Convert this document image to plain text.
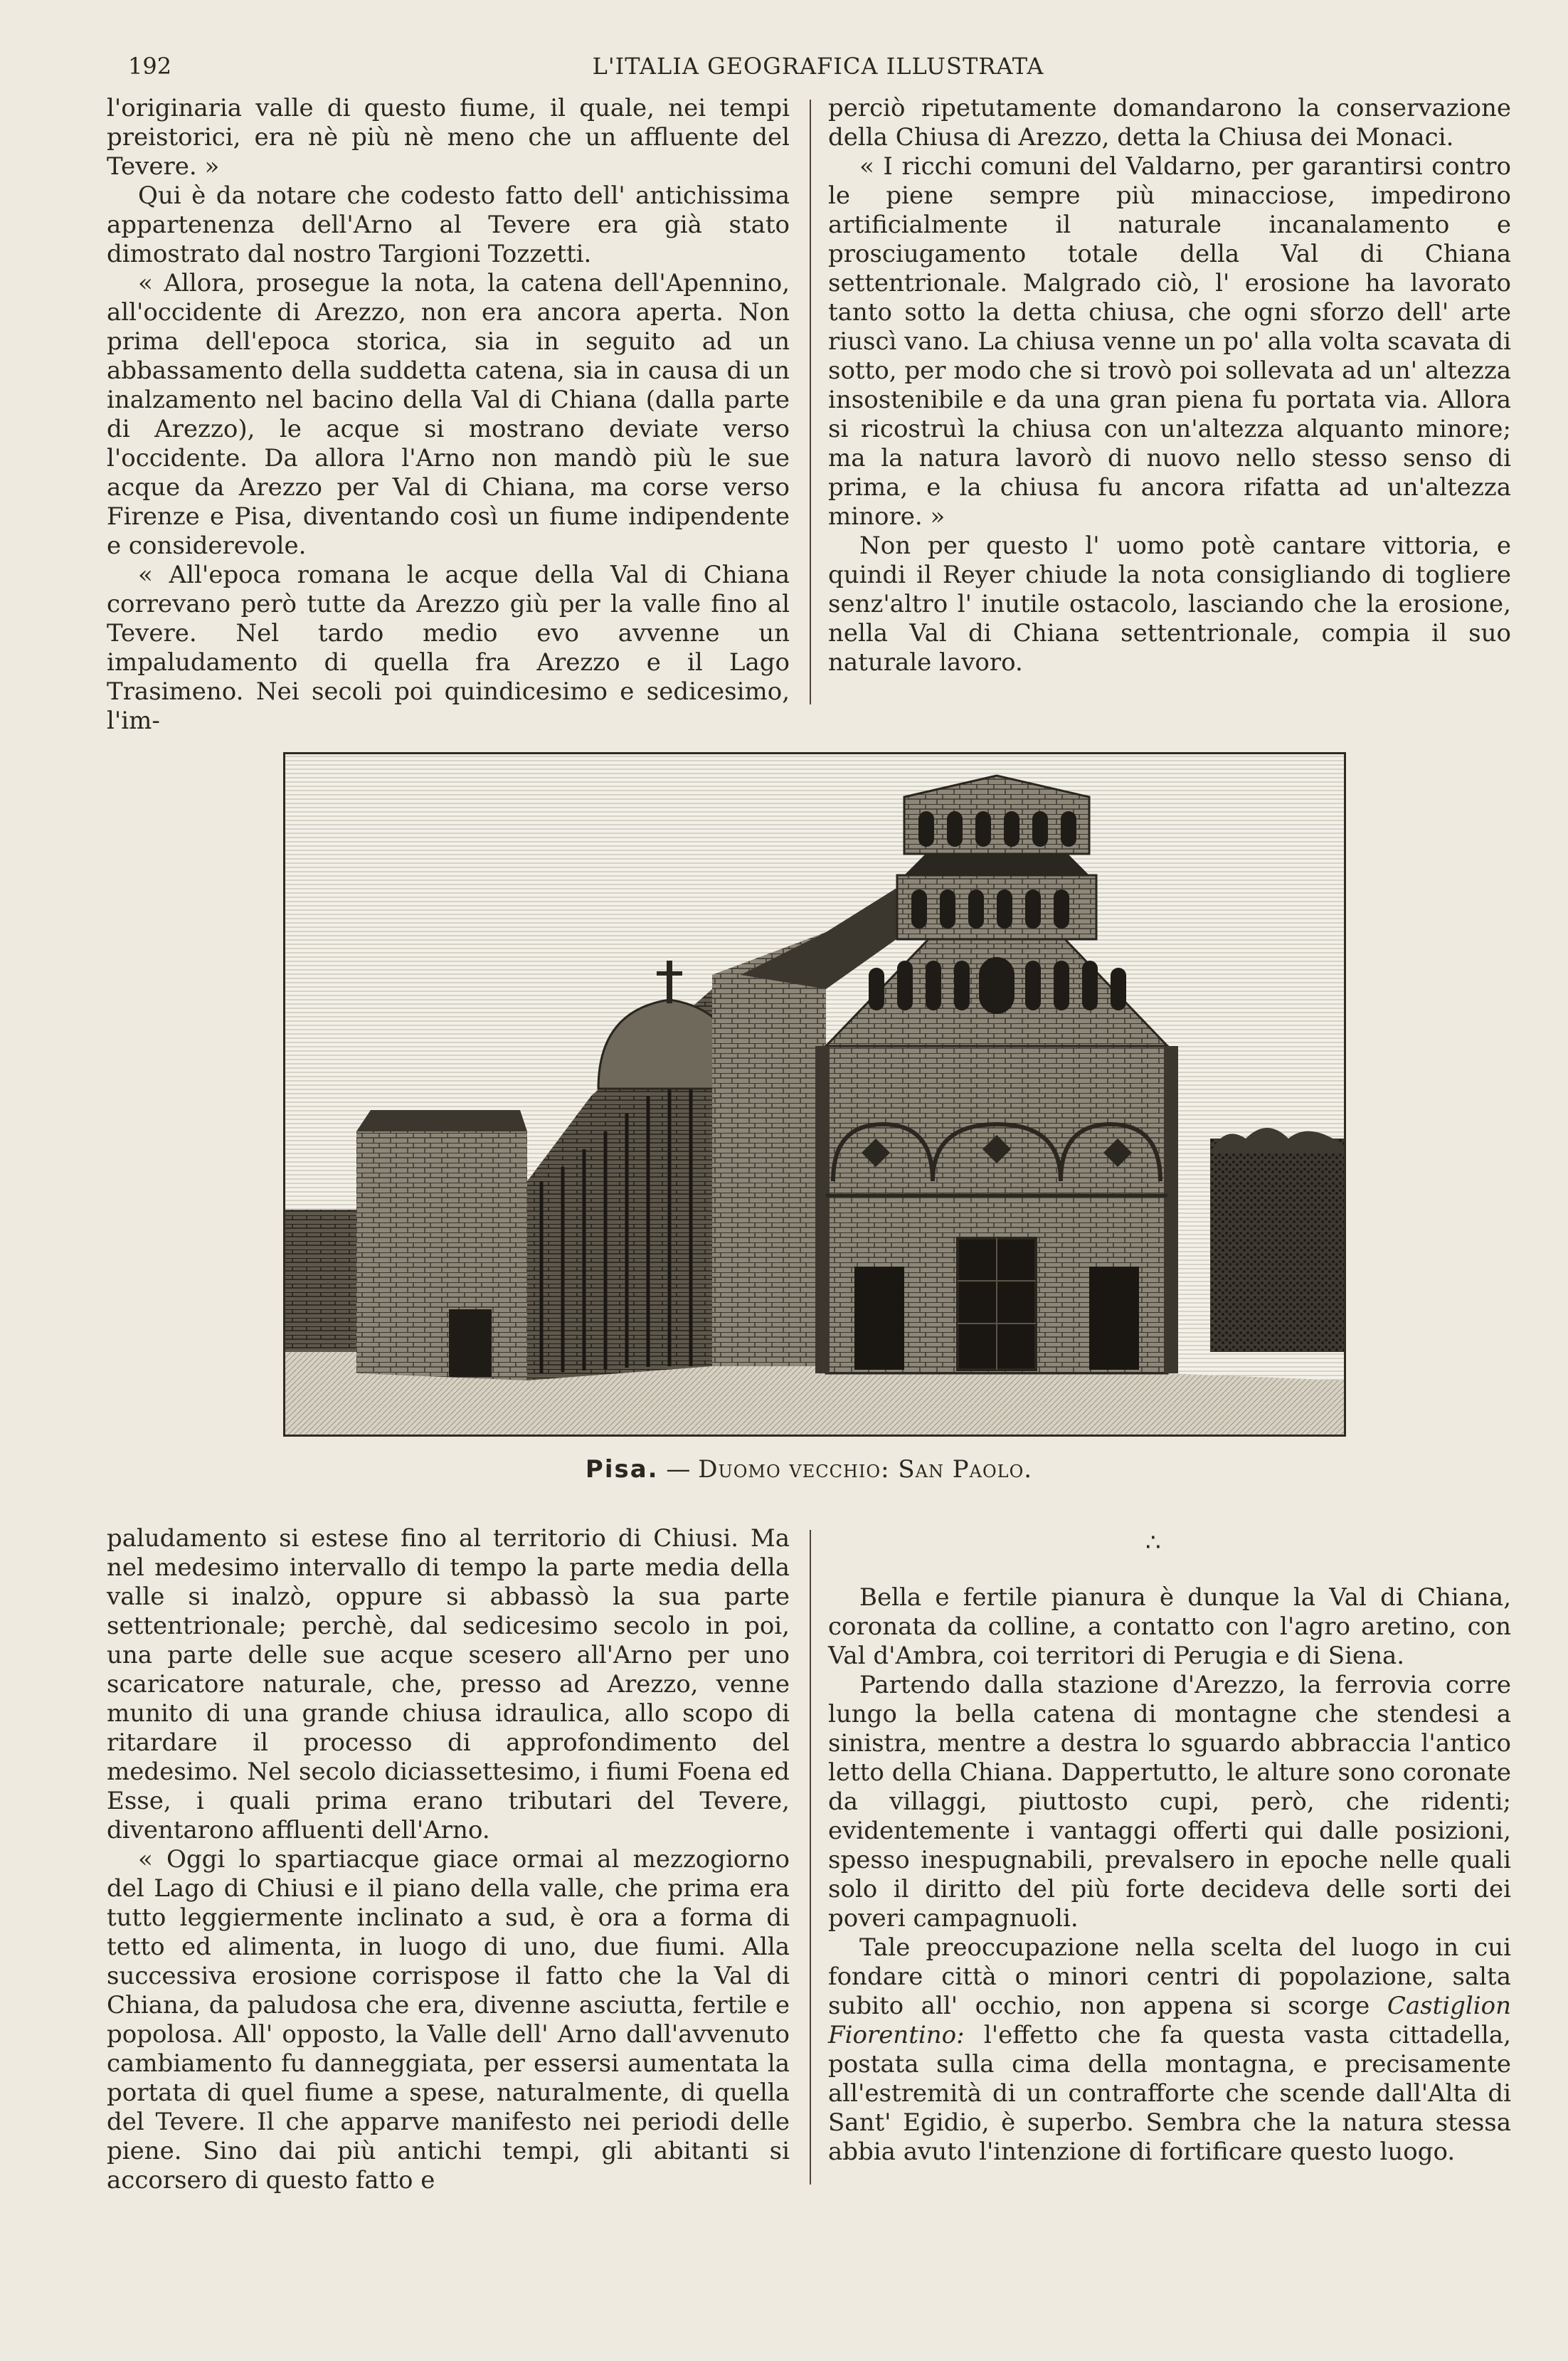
192	L'ITALIA GEOGRAFICA ILLUSTRATA

l'originaria valle di questo fiume, il quale, nei tempi preistorici, era nè più nè meno che un affluente del Tevere. »

Qui è da notare che codesto fatto dell' antichissima appartenenza dell'Arno al Tevere era già stato dimostrato dal nostro Targioni Tozzetti.

« Allora, prosegue la nota, la catena dell'Apennino, all'occidente di Arezzo, non era ancora aperta. Non prima dell'epoca storica, sia in seguito ad un abbassamento della suddetta catena, sia in causa di un inalzamento nel bacino della Val di Chiana (dalla parte di Arezzo), le acque si mostrano deviate verso l'occidente. Da allora l'Arno non mandò più le sue acque da Arezzo per Val di Chiana, ma corse verso Firenze e Pisa, diventando così un fiume indipendente e considerevole.

« All'epoca romana le acque della Val di Chiana correvano però tutte da Arezzo giù per la valle fino al Tevere. Nel tardo medio evo avvenne un impaludamento di quella fra Arezzo e il Lago Trasimeno. Nei secoli poi quindicesimo e sedicesimo, l'im-

perciò ripetutamente domandarono la conservazione della Chiusa di Arezzo, detta la Chiusa dei Monaci.

« I ricchi comuni del Valdarno, per garantirsi contro le piene sempre più minacciose, impedirono artificialmente il naturale incanalamento e prosciugamento totale della Val di Chiana settentrionale. Malgrado ciò, l' erosione ha lavorato tanto sotto la detta chiusa, che ogni sforzo dell' arte riuscì vano. La chiusa venne un po' alla volta scavata di sotto, per modo che si trovò poi sollevata ad un' altezza insostenibile e da una gran piena fu portata via. Allora si ricostruì la chiusa con un'altezza alquanto minore; ma la natura lavorò di nuovo nello stesso senso di prima, e la chiusa fu ancora rifatta ad un'altezza minore. »

Non per questo l' uomo potè cantare vittoria, e quindi il Reyer chiude la nota consigliando di togliere senz'altro l' inutile ostacolo, lasciando che la erosione, nella Val di Chiana settentrionale, compia il suo naturale lavoro.

Pisa. — Duomo vecchio: San Paolo.

paludamento si estese fino al territorio di Chiusi. Ma nel medesimo intervallo di tempo la parte media della valle si inalzò, oppure si abbassò la sua parte settentrionale; perchè, dal sedicesimo secolo in poi, una parte delle sue acque scesero all'Arno per uno scaricatore naturale, che, presso ad Arezzo, venne munito di una grande chiusa idraulica, allo scopo di ritardare il processo di approfondimento del medesimo. Nel secolo diciassettesimo, i fiumi Foena ed Esse, i quali prima erano tributari del Tevere, diventarono affluenti dell'Arno.

« Oggi lo spartiacque giace ormai al mezzogiorno del Lago di Chiusi e il piano della valle, che prima era tutto leggiermente inclinato a sud, è ora a forma di tetto ed alimenta, in luogo di uno, due fiumi. Alla successiva erosione corrispose il fatto che la Val di Chiana, da paludosa che era, divenne asciutta, fertile e popolosa. All' opposto, la Valle dell' Arno dall'avvenuto cambiamento fu danneggiata, per essersi aumentata la portata di quel fiume a spese, naturalmente, di quella del Tevere. Il che apparve manifesto nei periodi delle piene. Sino dai più antichi tempi, gli abitanti si accorsero di questo fatto e

∴

Bella e fertile pianura è dunque la Val di Chiana, coronata da colline, a contatto con l'agro aretino, con Val d'Ambra, coi territori di Perugia e di Siena.

Partendo dalla stazione d'Arezzo, la ferrovia corre lungo la bella catena di montagne che stendesi a sinistra, mentre a destra lo sguardo abbraccia l'antico letto della Chiana. Dappertutto, le alture sono coronate da villaggi, piuttosto cupi, però, che ridenti; evidentemente i vantaggi offerti qui dalle posizioni, spesso inespugnabili, prevalsero in epoche nelle quali solo il diritto del più forte decideva delle sorti dei poveri campagnuoli.

Tale preoccupazione nella scelta del luogo in cui fondare città o minori centri di popolazione, salta subito all' occhio, non appena si scorge Castiglion Fiorentino: l'effetto che fa questa vasta cittadella, postata sulla cima della montagna, e precisamente all'estremità di un contrafforte che scende dall'Alta di Sant' Egidio, è superbo. Sembra che la natura stessa abbia avuto l'intenzione di fortificare questo luogo.
